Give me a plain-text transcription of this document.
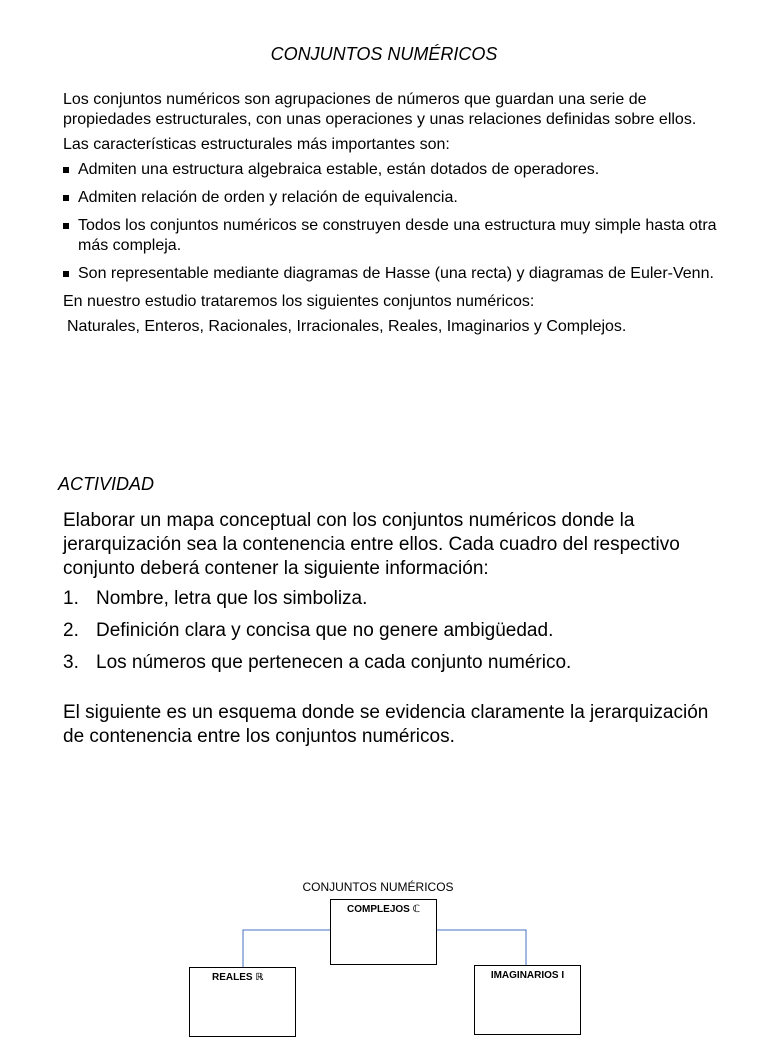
CONJUNTOS NUMÉRICOS

Los conjuntos numéricos son agrupaciones de números que guardan una serie de propiedades estructurales, con unas operaciones y unas relaciones definidas sobre ellos.

Las características estructurales más importantes son:

Admiten una estructura algebraica estable, están dotados de operadores.
Admiten relación de orden y relación de equivalencia.
Todos los conjuntos numéricos se construyen desde una estructura muy simple hasta otra más compleja.
Son representable mediante diagramas de Hasse (una recta) y diagramas de Euler-Venn.

En nuestro estudio trataremos los siguientes conjuntos numéricos:

Naturales, Enteros, Racionales, Irracionales, Reales, Imaginarios y Complejos.

ACTIVIDAD

Elaborar un mapa conceptual con los conjuntos numéricos donde la jerarquización sea la contenencia entre ellos. Cada cuadro del respectivo conjunto deberá contener la siguiente información:

1. Nombre, letra que los simboliza.
2. Definición clara y concisa que no genere ambigüedad.
3. Los números que pertenecen a cada conjunto numérico.

El siguiente es un esquema donde se evidencia claramente la jerarquización de contenencia entre los conjuntos numéricos.

CONJUNTOS NUMÉRICOS
COMPLEJOS ℂ
REALES ℝ	IMAGINARIOS I
